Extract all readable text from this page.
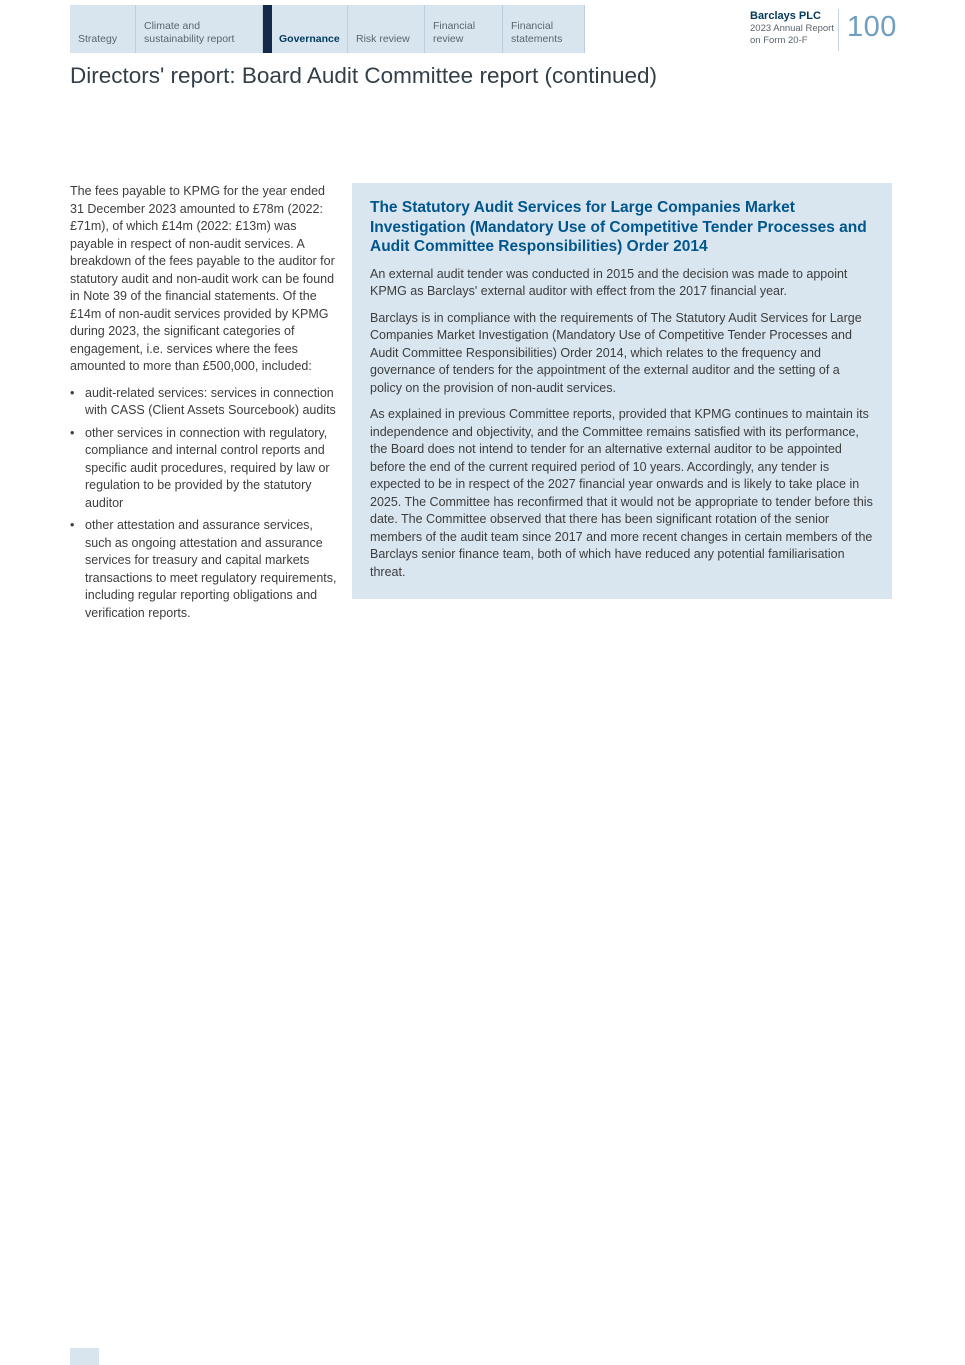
Strategy
Climate and sustainability report	Governance Risk review
Financial review
Financial statements
Barclays PLC
2023 Annual Report
on Form 20-F	100
Directors' report: Board Audit Committee report (continued)

The fees payable to KPMG for the year ended 31 December 2023 amounted to £78m (2022: £71m), of which £14m (2022: £13m) was payable in respect of non-audit services. A breakdown of the fees payable to the auditor for statutory audit and non-audit work can be found in Note 39 of the financial statements. Of the £14m of non-audit services provided by KPMG during 2023, the significant categories of engagement, i.e. services where the fees amounted to more than £500,000, included:

• audit-related services: services in connection with CASS (Client Assets Sourcebook) audits
• other services in connection with regulatory, compliance and internal control reports and specific audit procedures, required by law or regulation to be provided by the statutory auditor
• other attestation and assurance services, such as ongoing attestation and assurance services for treasury and capital markets transactions to meet regulatory requirements, including regular reporting obligations and verification reports.
The Statutory Audit Services for Large Companies Market Investigation (Mandatory Use of Competitive Tender Processes and Audit Committee Responsibilities) Order 2014

An external audit tender was conducted in 2015 and the decision was made to appoint KPMG as Barclays' external auditor with effect from the 2017 financial year.

Barclays is in compliance with the requirements of The Statutory Audit Services for Large Companies Market Investigation (Mandatory Use of Competitive Tender Processes and Audit Committee Responsibilities) Order 2014, which relates to the frequency and governance of tenders for the appointment of the external auditor and the setting of a policy on the provision of non-audit services.

As explained in previous Committee reports, provided that KPMG continues to maintain its independence and objectivity, and the Committee remains satisfied with its performance, the Board does not intend to tender for an alternative external auditor to be appointed before the end of the current required period of 10 years. Accordingly, any tender is expected to be in respect of the 2027 financial year onwards and is likely to take place in 2025. The Committee has reconfirmed that it would not be appropriate to tender before this date. The Committee observed that there has been significant rotation of the senior members of the audit team since 2017 and more recent changes in certain members of the Barclays senior finance team, both of which have reduced any potential familiarisation threat.
